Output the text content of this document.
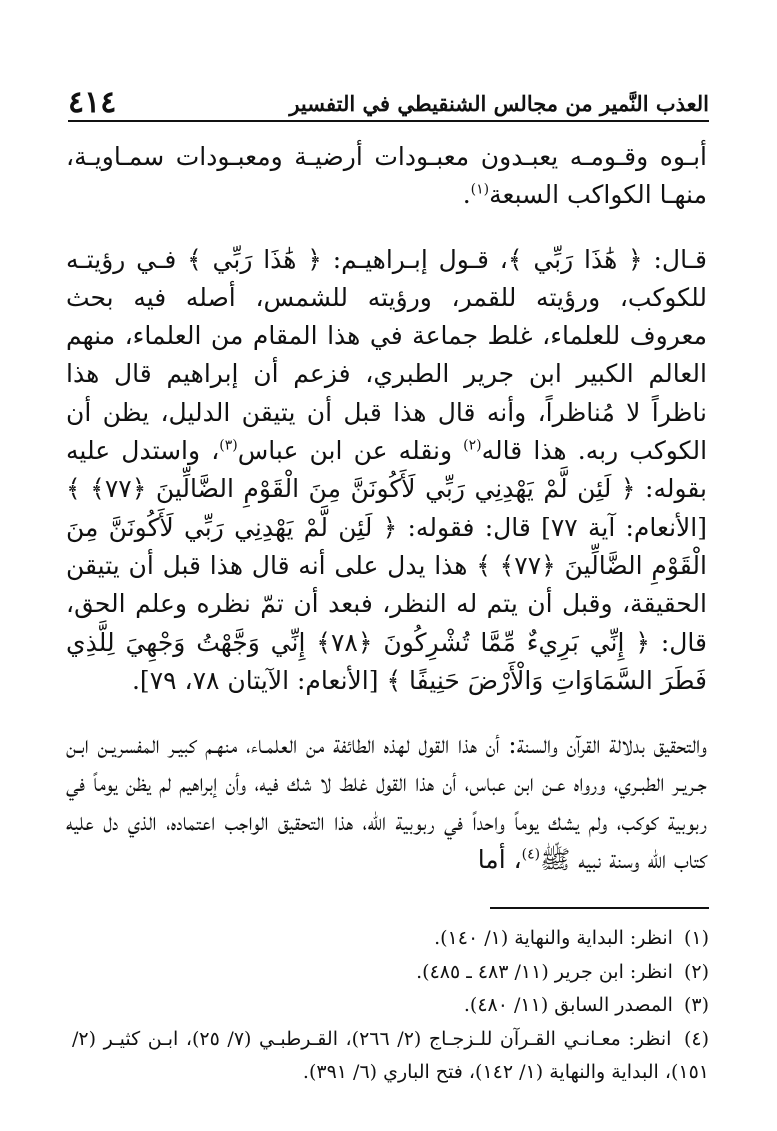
٤١٤	العذب النَّمير من مجالس الشنقيطي في التفسير

أبـوه وقـومـه يعبـدون معبـودات أرضيـة ومعبـودات سمـاويـة، منهـا الكواكب السبعة$^{(١)}$.

قـال: ﴿ هَٰذَا رَبِّي ﴾، قـول إبـراهيـم: ﴿ هَٰذَا رَبِّي ﴾ فـي رؤيتـه للكوكب، ورؤيته للقمر، ورؤيته للشمس، أصله فيه بحث معروف للعلماء، غلط جماعة في هذا المقام من العلماء، منهم العالم الكبير ابن جرير الطبري، فزعم أن إبراهيم قال هذا ناظراً لا مُناظراً، وأنه قال هذا قبل أن يتيقن الدليل، يظن أن الكوكب ربه. هذا قاله$^{(٢)}$ ونقله عن ابن عباس$^{(٣)}$، واستدل عليه بقوله: ﴿ لَئِن لَّمْ يَهْدِنِي رَبِّي لَأَكُونَنَّ مِنَ الْقَوْمِ الضَّالِّينَ ﴿٧٧﴾ ﴾ [الأنعام: آية ٧٧] قال: فقوله: ﴿ لَئِن لَّمْ يَهْدِنِي رَبِّي لَأَكُونَنَّ مِنَ الْقَوْمِ الضَّالِّينَ ﴿٧٧﴾ ﴾ هذا يدل على أنه قال هذا قبل أن يتيقن الحقيقة، وقبل أن يتم له النظر، فبعد أن تمّ نظره وعلم الحق، قال: ﴿ إِنِّي بَرِيءٌ مِّمَّا تُشْرِكُونَ ﴿٧٨﴾ إِنِّي وَجَّهْتُ وَجْهِيَ لِلَّذِي فَطَرَ السَّمَاوَاتِ وَالْأَرْضَ حَنِيفًا ﴾ [الأنعام: الآيتان ٧٨، ٧٩].

والتحقيق بدلالة القرآن والسنة: أن هذا القول لهذه الطائفة من العلمـاء، منهـم كبيـر المفسريـن ابـن جـريـر الطبـري، ورواه عـن ابن عباس، أن هذا القول غلط لا شك فيه، وأن إبراهيم لم يظن يوماً في ربوبية كوكب، ولم يشك يوماً واحداً في ربوبية الله، هذا التحقيق الواجب اعتماده، الذي دل عليه كتاب الله وسنة نبيه ﷺ$^{(٤)}$، أما

(١) انظر: البداية والنهاية (١/ ١٤٠).

(٢) انظر: ابن جرير (١١/ ٤٨٣ ـ ٤٨٥).

(٣) المصدر السابق (١١/ ٤٨٠).

(٤) انظر: معـانـي القـرآن للـزجـاج (٢/ ٢٦٦)، القـرطبـي (٧/ ٢٥)، ابـن كثيـر (٢/ ١٥١)، البداية والنهاية (١/ ١٤٢)، فتح الباري (٦/ ٣٩١).
